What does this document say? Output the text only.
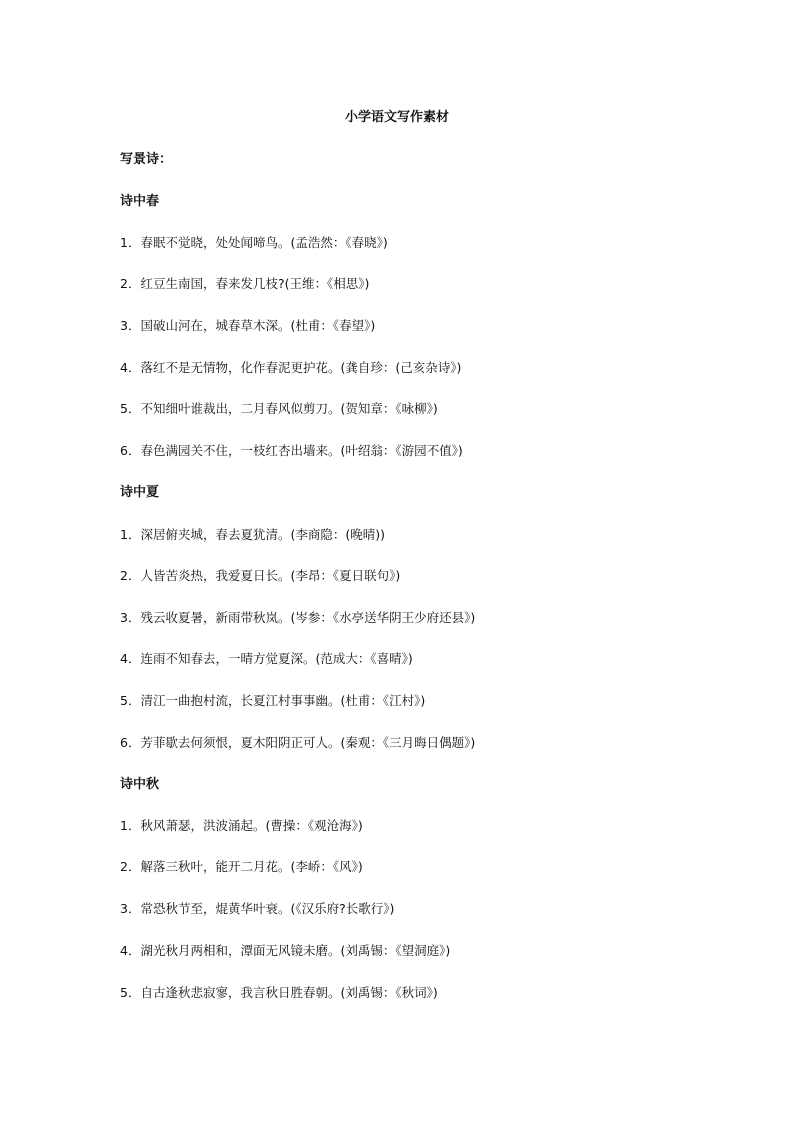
小学语文写作素材
写景诗：
诗中春
1．春眠不觉晓，处处闻啼鸟。(孟浩然：《春晓》)
2．红豆生南国，春来发几枝?(王维：《相思》)
3．国破山河在，城春草木深。(杜甫：《春望》)
4．落红不是无情物，化作春泥更护花。(龚自珍：(己亥杂诗》)
5．不知细叶谁裁出，二月春风似剪刀。(贺知章：《咏柳》)
6．春色满园关不住，一枝红杏出墙来。(叶绍翁：《游园不值》)
诗中夏
1．深居俯夹城，春去夏犹清。(李商隐：(晚晴))
2．人皆苦炎热，我爱夏日长。(李昂：《夏日联句》)
3．残云收夏暑，新雨带秋岚。(岑参：《水亭送华阴王少府还县》)
4．连雨不知春去，一晴方觉夏深。(范成大：《喜晴》)
5．清江一曲抱村流，长夏江村事事幽。(杜甫：《江村》)
6．芳菲歇去何须恨，夏木阳阴正可人。(秦观：《三月晦日偶题》)
诗中秋
1．秋风萧瑟，洪波涌起。(曹操：《观沧海》)
2．解落三秋叶，能开二月花。(李峤：《风》)
3．常恐秋节至，焜黄华叶衰。(《汉乐府?长歌行》)
4．湖光秋月两相和，潭面无风镜未磨。(刘禹锡：《望洞庭》)
5．自古逢秋悲寂寥，我言秋日胜春朝。(刘禹锡：《秋词》)
